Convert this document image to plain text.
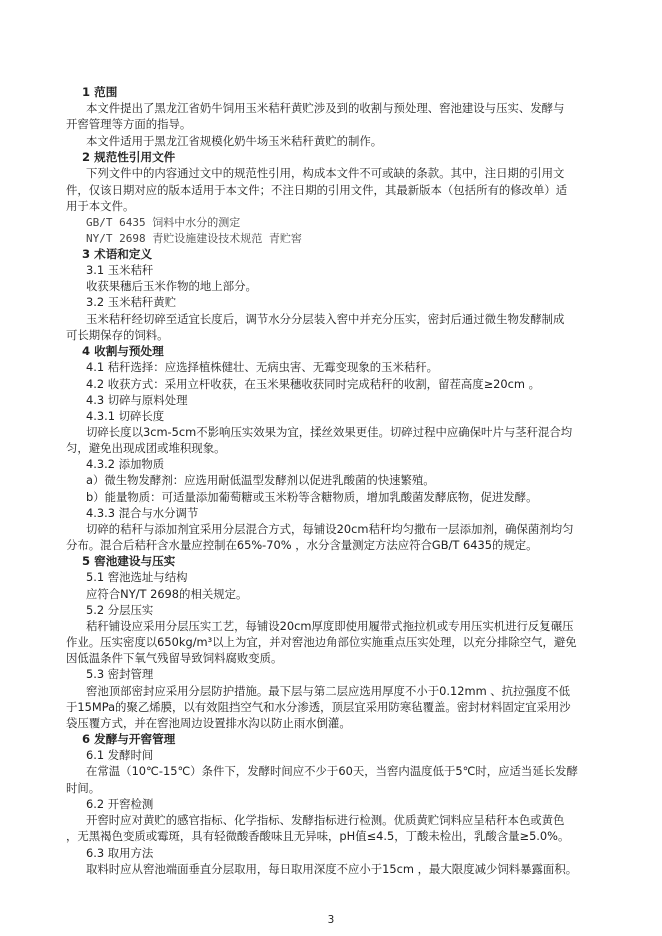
1 范围
本文件提出了黑龙江省奶牛饲用玉米秸秆黄贮涉及到的收割与预处理、窖池建设与压实、发酵与
开窖管理等方面的指导。
本文件适用于黑龙江省规模化奶牛场玉米秸秆黄贮的制作。
2 规范性引用文件
下列文件中的内容通过文中的规范性引用，构成本文件不可或缺的条款。其中，注日期的引用文
件，仅该日期对应的版本适用于本文件；不注日期的引用文件，其最新版本（包括所有的修改单）适
用于本文件。
GB/T 6435 饲料中水分的测定
NY/T 2698 青贮设施建设技术规范 青贮窖
3 术语和定义
3.1 玉米秸秆
收获果穗后玉米作物的地上部分。
3.2 玉米秸秆黄贮
玉米秸秆经切碎至适宜长度后，调节水分分层装入窖中并充分压实，密封后通过微生物发酵制成
可长期保存的饲料。
4 收割与预处理
4.1 秸秆选择：应选择植株健壮、无病虫害、无霉变现象的玉米秸秆。
4.2 收获方式：采用立杆收获，在玉米果穗收获同时完成秸秆的收割，留茬高度≥20cm 。
4.3 切碎与原料处理
4.3.1 切碎长度
切碎长度以3cm-5cm不影响压实效果为宜，揉丝效果更佳。切碎过程中应确保叶片与茎秆混合均
匀，避免出现成团或堆积现象。
4.3.2 添加物质
a）微生物发酵剂：应选用耐低温型发酵剂以促进乳酸菌的快速繁殖。
b）能量物质：可适量添加葡萄糖或玉米粉等含糖物质，增加乳酸菌发酵底物，促进发酵。
4.3.3 混合与水分调节
切碎的秸秆与添加剂宜采用分层混合方式，每铺设20cm秸秆均匀撒布一层添加剂，确保菌剂均匀
分布。混合后秸秆含水量应控制在65%-70% ，水分含量测定方法应符合GB/T 6435的规定。
5 窖池建设与压实
5.1 窖池选址与结构
应符合NY/T 2698的相关规定。
5.2 分层压实
秸秆铺设应采用分层压实工艺，每铺设20cm厚度即使用履带式拖拉机或专用压实机进行反复碾压
作业。压实密度以650kg/m³以上为宜，并对窖池边角部位实施重点压实处理，以充分排除空气，避免
因低温条件下氧气残留导致饲料腐败变质。
5.3 密封管理
窖池顶部密封应采用分层防护措施。最下层与第二层应选用厚度不小于0.12mm 、抗拉强度不低
于15MPa的聚乙烯膜，以有效阻挡空气和水分渗透，顶层宜采用防寒毡覆盖。密封材料固定宜采用沙
袋压覆方式，并在窖池周边设置排水沟以防止雨水倒灌。
6 发酵与开窖管理
6.1 发酵时间
在常温（10℃-15℃）条件下，发酵时间应不少于60天，当窖内温度低于5℃时，应适当延长发酵
时间。
6.2 开窖检测
开窖时应对黄贮的感官指标、化学指标、发酵指标进行检测。优质黄贮饲料应呈秸秆本色或黄色
，无黑褐色变质或霉斑，具有轻微酸香酸味且无异味，pH值≤4.5，丁酸未检出，乳酸含量≥5.0%。
6.3 取用方法
取料时应从窖池端面垂直分层取用，每日取用深度不应小于15cm ，最大限度减少饲料暴露面积。
3
